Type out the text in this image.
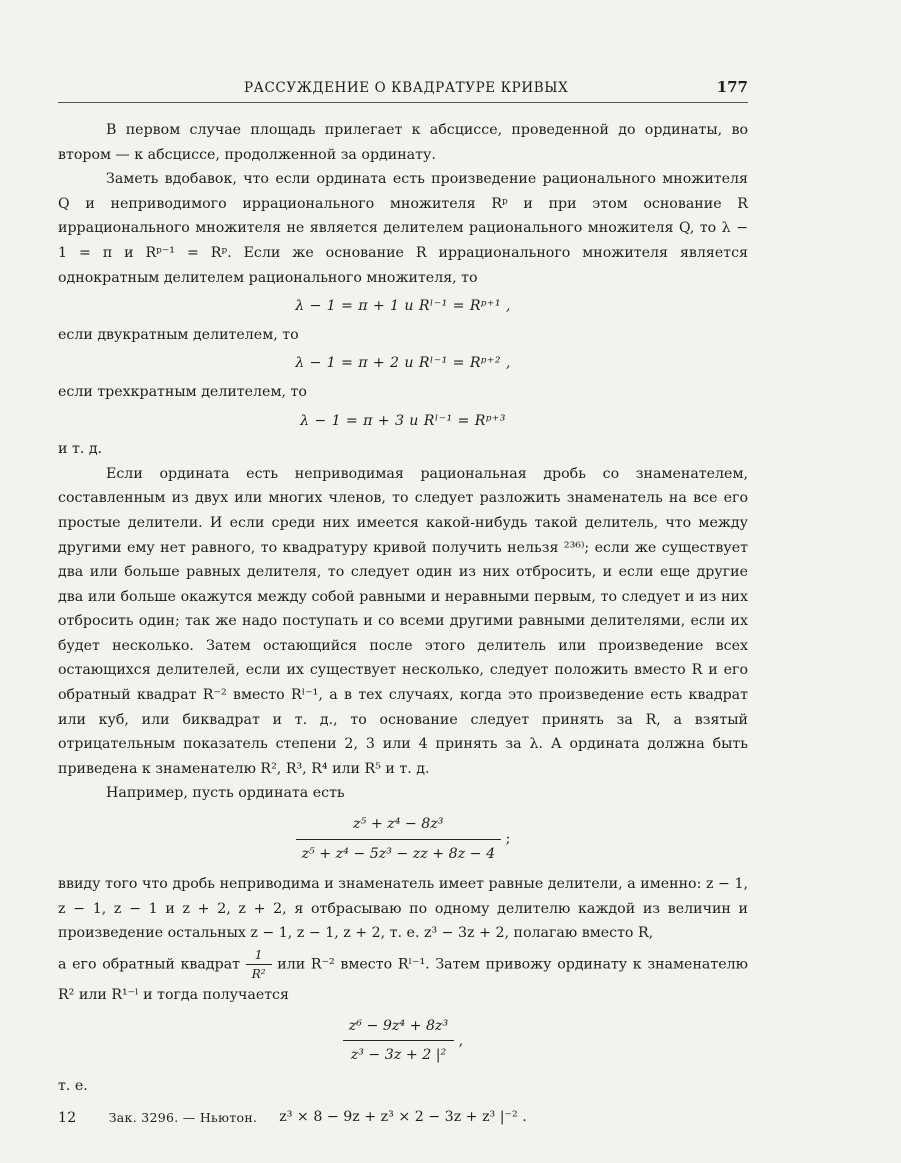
РАССУЖДЕНИЕ О КВАДРАТУРЕ КРИВЫХ	177

В первом случае площадь прилегает к абсциссе, проведенной до ординаты, во втором — к абсциссе, продолженной за ординату.

Заметь вдобавок, что если ордината есть произведение рационального множителя Q и неприводимого иррационального множителя Rᵖ и при этом основание R иррационального множителя не является делителем рационального множителя Q, то λ − 1 = π и Rᵖ⁻¹ = Rᵖ. Если же основание R иррационального множителя является однократным делителем рационального множителя, то

λ − 1 = π + 1 и Rˡ⁻¹ = Rᵖ⁺¹ ,

если двукратным делителем, то

λ − 1 = π + 2 и Rˡ⁻¹ = Rᵖ⁺² ,

если трехкратным делителем, то

λ − 1 = π + 3 и Rˡ⁻¹ = Rᵖ⁺³

и т. д.

Если ордината есть неприводимая рациональная дробь со знаменателем, составленным из двух или многих членов, то следует разложить знаменатель на все его простые делители. И если среди них имеется какой-нибудь такой делитель, что между другими ему нет равного, то квадратуру кривой получить нельзя ²³⁶⁾; если же существует два или больше равных делителя, то следует один из них отбросить, и если еще другие два или больше окажутся между собой равными и неравными первым, то следует и из них отбросить один; так же надо поступать и со всеми другими равными делителями, если их будет несколько. Затем остающийся после этого делитель или произведение всех остающихся делителей, если их существует несколько, следует положить вместо R и его обратный квадрат R⁻² вместо Rˡ⁻¹, а в тех случаях, когда это произведение есть квадрат или куб, или биквадрат и т. д., то основание следует принять за R, а взятый отрицательным показатель степени 2, 3 или 4 принять за λ. А ордината должна быть приведена к знаменателю R², R³, R⁴ или R⁵ и т. д.

Например, пусть ордината есть

$\frac{\text{z⁵ + z⁴ − 8z³}}{\text{z⁵ + z⁴ − 5z³ − zz + 8z − 4}}$ ;

ввиду того что дробь неприводима и знаменатель имеет равные делители, а именно: z − 1, z − 1, z − 1 и z + 2, z + 2, я отбрасываю по одному делителю каждой из величин и произведение остальных z − 1, z − 1, z + 2, т. е. z³ − 3z + 2, полагаю вместо R,

а его обратный квадрат $\frac{1}{\text{R²}}$ или R⁻² вместо Rˡ⁻¹. Затем привожу ординату к знаменателю R² или R¹⁻ˡ и тогда получается

$\frac{\text{z⁶ − 9z⁴ + 8z³}}{\text{z³ − 3z + 2 |²}}$ ,

т. е.

z³ × 8 − 9z + z³ × 2 − 3z + z³ |⁻² .
12	Зак. 3296. — Ньютон.
